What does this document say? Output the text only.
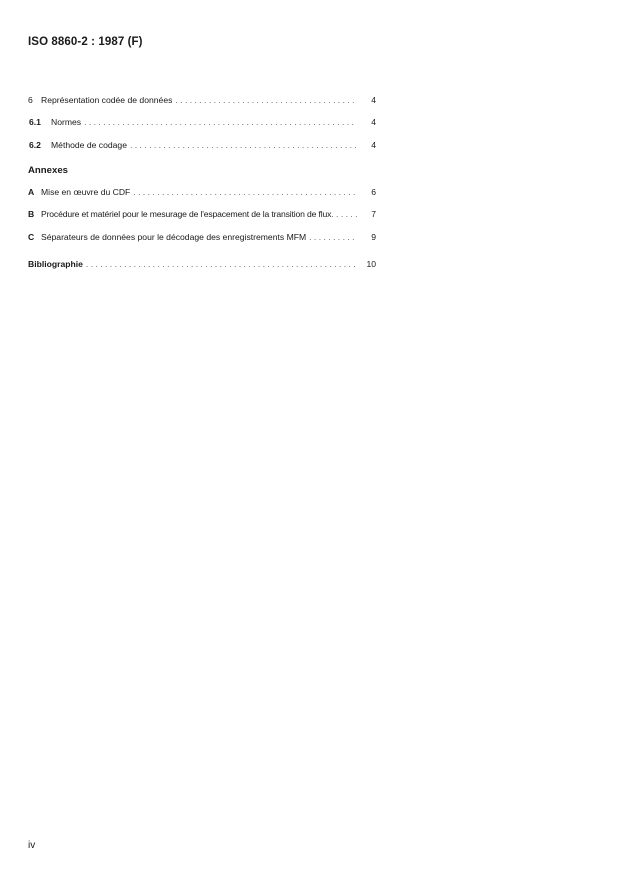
ISO 8860-2 : 1987 (F)
6 Représentation codée de données . . .	4
6.1	Normes . . .	4
6.2	Méthode de codage . . .	4
Annexes
A Mise en œuvre du CDF . . .	6
B Procédure et matériel pour le mesurage de l'espacement de la transition de flux . . .	7
C Séparateurs de données pour le décodage des enregistrements MFM . . .	9
Bibliographie . . .	10
iv
